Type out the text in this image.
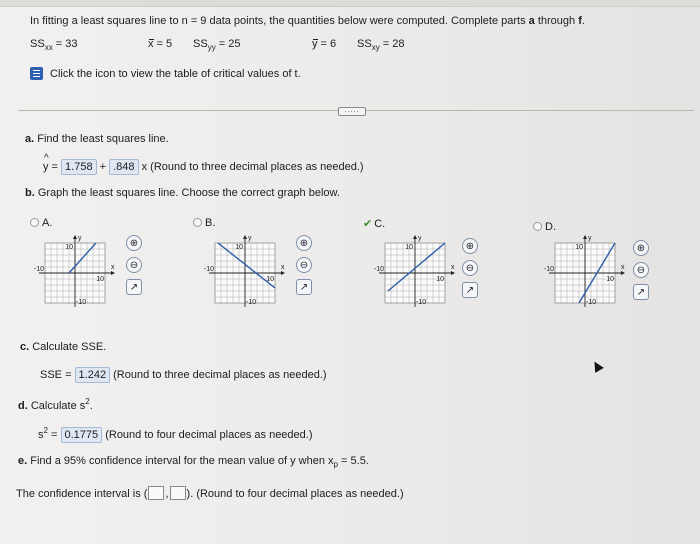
In fitting a least squares line to n = 9 data points, the quantities below were computed. Complete parts a through f.
$SS_{xx} = 33$	x = 5 $SS_{yy} = 25$	y = 6 $SS_{xy} = 28$
Click the icon to view the table of critical values of t.
.....
a. Find the least squares line.
^ y = 1.758 + .848 x (Round to three decimal places as needed.)
b. Graph the least squares line. Choose the correct graph below.
A.	B.	✔ C.	D.
10
-10
-10
10
x
y
10
-10
-10
10
x
y
10
-10
-10
10
x
y
10
-10
-10
10
x
y
⊕
⊖
↗
⊕
⊖
↗
⊕
⊖
↗
⊕
⊖
↗
c. Calculate SSE.
SSE = 1.242 (Round to three decimal places as needed.)
d. Calculate $s^2$.
$s^2 = 0.1775$ (Round to four decimal places as needed.)
e. Find a 95% confidence interval for the mean value of y when $x_p = 5.5$.
The confidence interval is ( , ). (Round to four decimal places as needed.)
